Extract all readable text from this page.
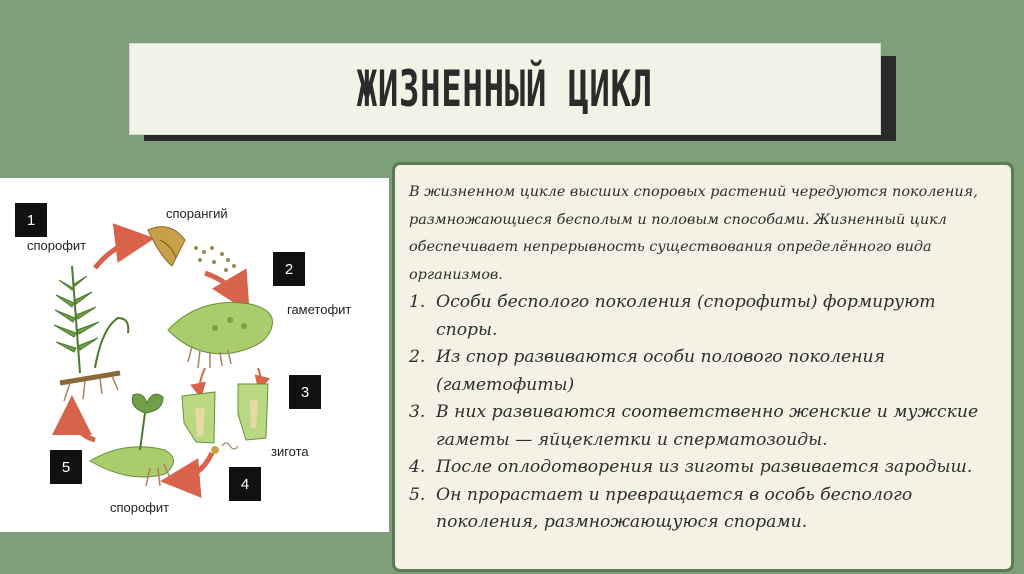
ЖИЗНЕННЫЙ ЦИКЛ
1
2
3
4
5
спорофит
спорангий
гаметофит
зигота
спорофит

В жизненном цикле высших споровых растений чередуются поколения, размножающиеся бесполым и половым способами. Жизненный цикл обеспечивает непрерывность существования определённого вида организмов.

1. Особи бесполого поколения (спорофиты) формируют споры.
2. Из спор развиваются особи полового поколения (гаметофиты)
3. В них развиваются соответственно женские и мужские гаметы — яйцеклетки и сперматозоиды.
4. После оплодотворения из зиготы развивается зародыш.
5. Он прорастает и превращается в особь бесполого поколения, размножающуюся спорами.
